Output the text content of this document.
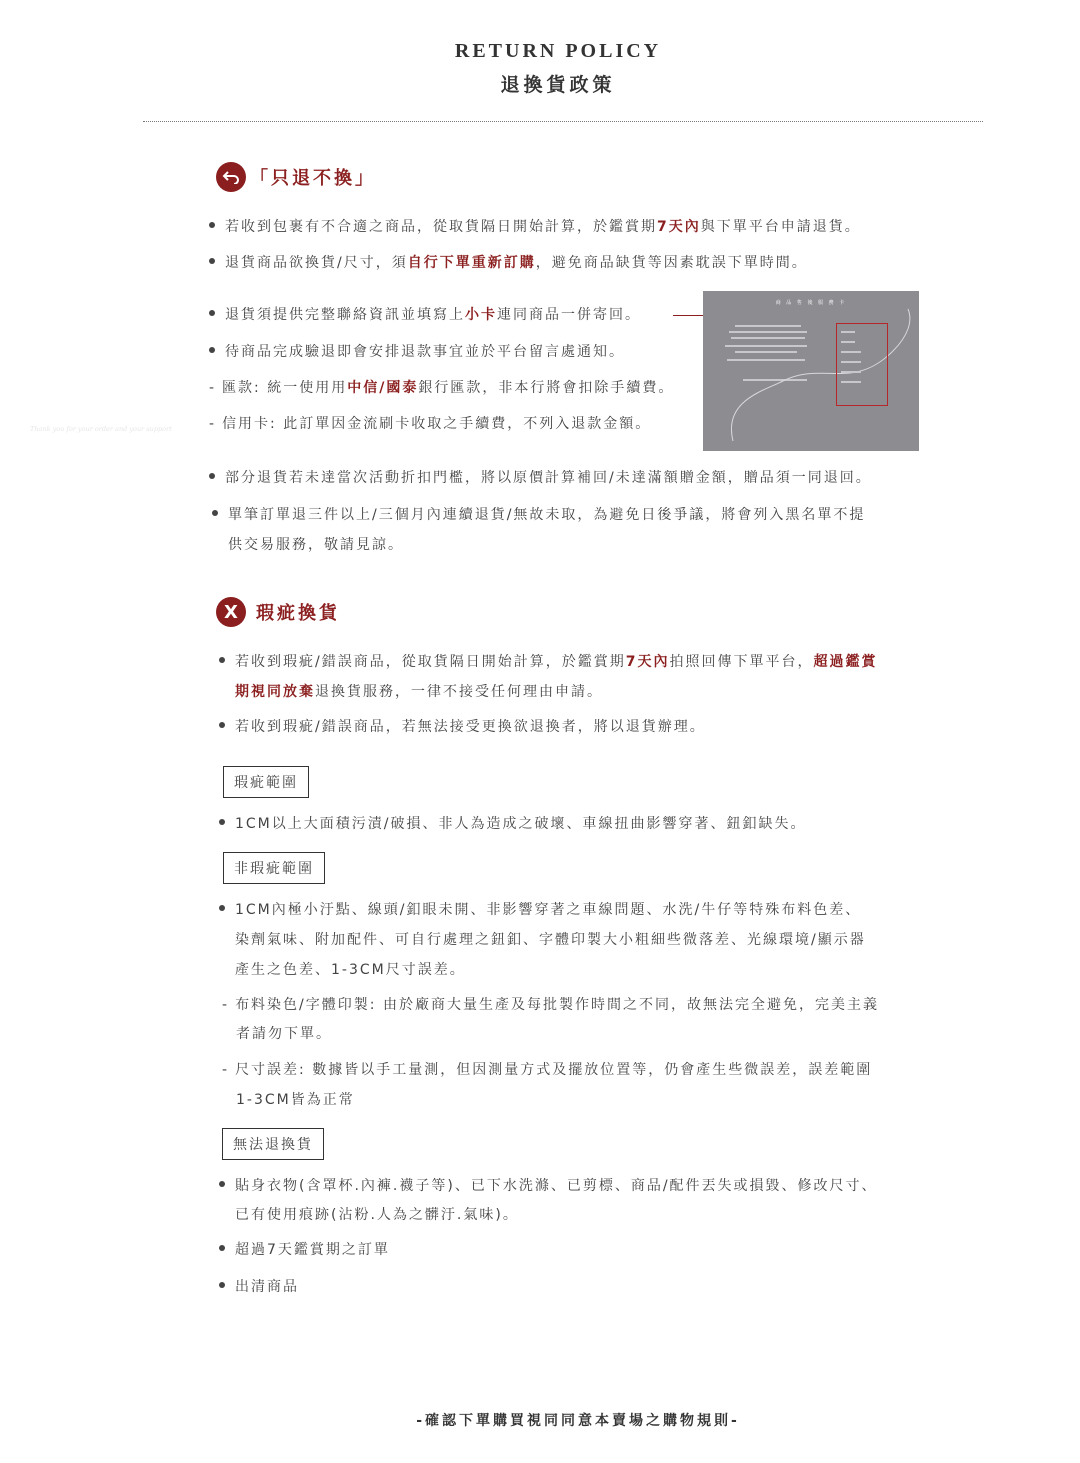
RETURN POLICY
退換貨政策
「只退不換」
若收到包裹有不合適之商品，從取貨隔日開始計算，於鑑賞期7天內與下單平台申請退貨。
退貨商品欲換貨/尺寸，須自行下單重新訂購，避免商品缺貨等因素耽誤下單時間。
退貨須提供完整聯絡資訊並填寫上小卡連同商品一併寄回。
待商品完成驗退即會安排退款事宜並於平台留言處通知。
- 匯款: 統一使用用中信/國泰銀行匯款，非本行將會扣除手續費。
- 信用卡: 此訂單因金流刷卡收取之手續費，不列入退款金額。
商 品 售 後 服 務 卡
Thank you for your order and your support
部分退貨若未達當次活動折扣門檻，將以原價計算補回/未達滿額贈金額，贈品須一同退回。
單筆訂單退三件以上/三個月內連續退貨/無故未取，為避免日後爭議，將會列入黑名單不提
供交易服務，敬請見諒。
X	瑕疵換貨
若收到瑕疵/錯誤商品，從取貨隔日開始計算，於鑑賞期7天內拍照回傳下單平台，超過鑑賞
期視同放棄退換貨服務，一律不接受任何理由申請。
若收到瑕疵/錯誤商品，若無法接受更換欲退換者，將以退貨辦理。
瑕疵範圍
1CM以上大面積污漬/破損、非人為造成之破壞、車線扭曲影響穿著、鈕釦缺失。
非瑕疵範圍
1CM內極小汙點、線頭/釦眼未開、非影響穿著之車線問題、水洗/牛仔等特殊布料色差、
染劑氣味、附加配件、可自行處理之鈕釦、字體印製大小粗細些微落差、光線環境/顯示器
產生之色差、1-3CM尺寸誤差。
- 布料染色/字體印製: 由於廠商大量生產及每批製作時間之不同，故無法完全避免，完美主義
者請勿下單。
- 尺寸誤差: 數據皆以手工量測，但因測量方式及擺放位置等，仍會產生些微誤差，誤差範圍
1-3CM皆為正常
無法退換貨
貼身衣物(含罩杯.內褲.襪子等)、已下水洗滌、已剪標、商品/配件丟失或損毀、修改尺寸、
已有使用痕跡(沾粉.人為之髒汙.氣味)。
超過7天鑑賞期之訂單
出清商品
-確認下單購買視同同意本賣場之購物規則-
